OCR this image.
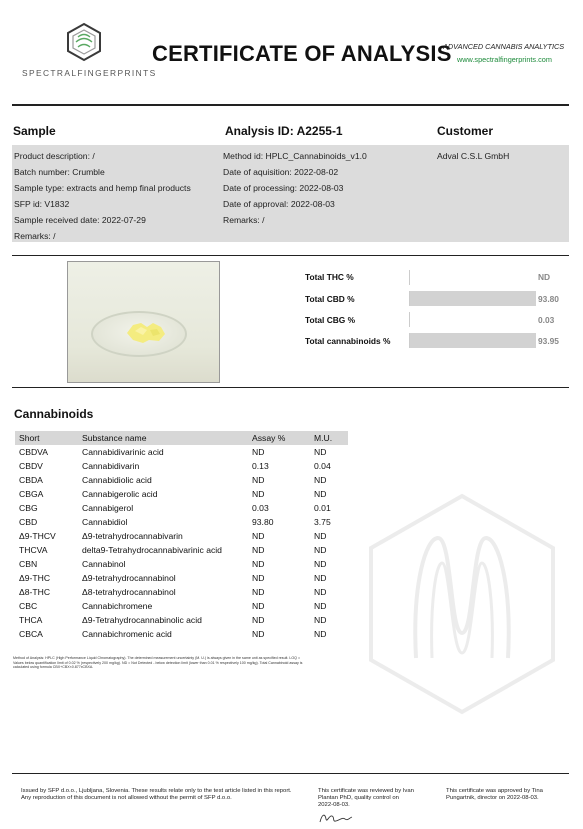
SPECTRALFINGERPRINTS
CERTIFICATE OF ANALYSIS
ADVANCED CANNABIS ANALYTICS
www.spectralfingerprints.com
Sample	Analysis ID: A2255-1	Customer
Product description: /
Batch number: Crumble
Sample type: extracts and hemp final products
SFP id: V1832
Sample received date: 2022-07-29
Remarks: /
Method id: HPLC_Cannabinoids_v1.0
Date of aquisition: 2022-08-02
Date of processing: 2022-08-03
Date of approval: 2022-08-03
Remarks: /
Adval C.S.L GmbH
Total THC %	ND
Total CBD %	93.80
Total CBG %	0.03
Total cannabinoids %	93.95
Cannabinoids
Short	Substance name	Assay %	M.U.
CBDVA	Cannabidivarinic acid	ND	ND
CBDV	Cannabidivarin	0.13	0.04
CBDA	Cannabidiolic acid	ND	ND
CBGA	Cannabigerolic acid	ND	ND
CBG	Cannabigerol	0.03	0.01
CBD	Cannabidiol	93.80	3.75
Δ9-THCV	Δ9-tetrahydrocannabivarin	ND	ND
THCVA	delta9-Tetrahydrocannabivarinic acid	ND	ND
CBN	Cannabinol	ND	ND
Δ9-THC	Δ9-tetrahydrocannabinol	ND	ND
Δ8-THC	Δ8-tetrahydrocannabinol	ND	ND
CBC	Cannabichromene	ND	ND
THCA	Δ9-Tetrahydrocannabinolic acid	ND	ND
CBCA	Cannabichromenic acid	ND	ND
Method of Analysis: HPLC (High Performance Liquid Chromatography). The determined measurement uncertainty (M. U.) is always given in the same unit as specified result. LOQ =
Values below quantification limit of 0.02 % (respectively 200 mg/kg). ND = Not Detected - below detection limit (lower than 0.01 % respectively 100 mg/kg). Total Cannabinoid assay is
calculated using formula CBX+CBX×0.877xCBXA.
Issued by SFP d.o.o., Ljubljana, Slovenia. These results relate only to the test article listed in this report.
Any reproduction of this document is not allowed without the permit of SFP d.o.o.
This certificate was reviewed by Ivan
Plantan PhD, quality control on
2022-08-03.
This certificate was approved by Tina
Pungartnik, director on 2022-08-03.
